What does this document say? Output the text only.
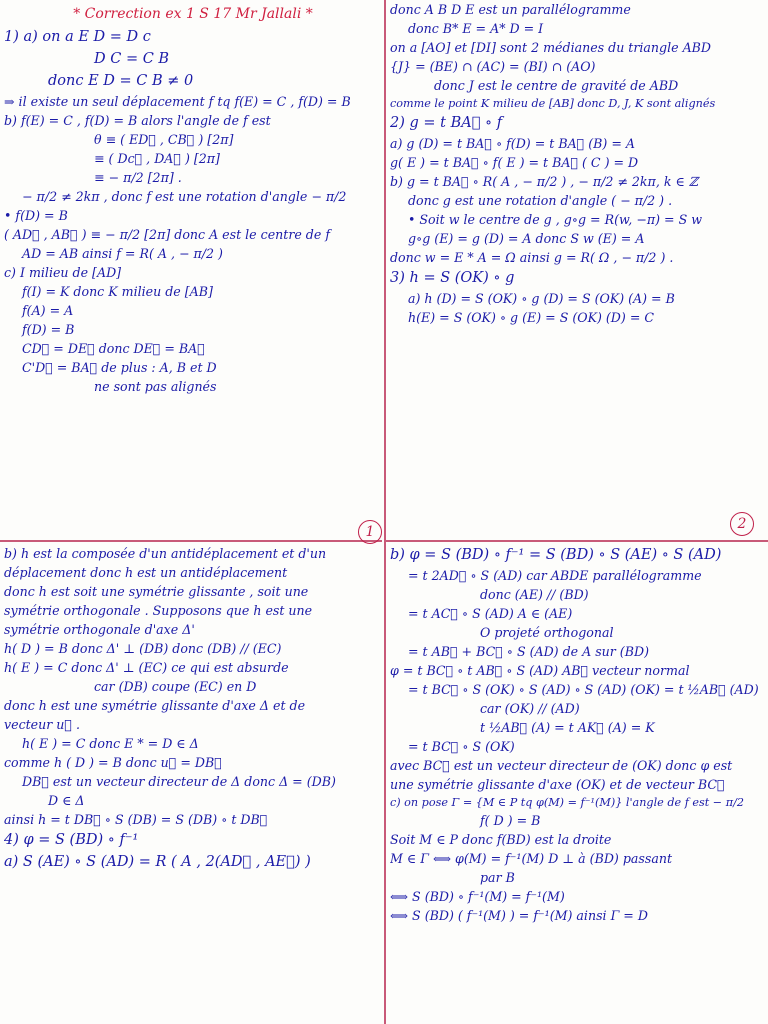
* Correction ex 1 S 17 Mr Jallali *
1) a) on a E D = D c
D C = C B
donc E D = C B ≠ 0
⇒ il existe un seul déplacement f tq f(E) = C , f(D) = B
b) f(E) = C , f(D) = B alors l'angle de f est
θ ≡ ( ED⃗ , CB⃗ ) [2π]
≡ ( Dc⃗ , DA⃗ ) [2π]
≡ − π/2 [2π] .
− π/2 ≠ 2kπ , donc f est une rotation d'angle − π/2
• f(D) = B
( AD⃗ , AB⃗ ) ≡ − π/2 [2π] donc A est le centre de f
AD = AB ainsi f = R( A , − π/2 )
c) I milieu de [AD]
f(I) = K donc K milieu de [AB]
f(A) = A
f(D) = B
CD⃗ = DE⃗ donc DE⃗ = BA⃗
C'D⃗ = BA⃗ de plus : A, B et D
ne sont pas alignés
donc A B D E est un parallélogramme
donc B* E = A* D = I
on a [AO] et [DI] sont 2 médianes du triangle ABD
{J} = (BE) ∩ (AC) = (BI) ∩ (AO)
donc J est le centre de gravité de ABD
comme le point K milieu de [AB] donc D, J, K sont alignés
2) g = t BA⃗ ∘ f
a) g (D) = t BA⃗ ∘ f(D) = t BA⃗ (B) = A
g( E ) = t BA⃗ ∘ f( E ) = t BA⃗ ( C ) = D
b) g = t BA⃗ ∘ R( A , − π/2 ) , − π/2 ≠ 2kπ, k ∈ ℤ
donc g est une rotation d'angle ( − π/2 ) .
• Soit w le centre de g , g∘g = R(w, −π) = S w
g∘g (E) = g (D) = A donc S w (E) = A
donc w = E * A = Ω ainsi g = R( Ω , − π/2 ) .
3) h = S (OK) ∘ g
a) h (D) = S (OK) ∘ g (D) = S (OK) (A) = B
h(E) = S (OK) ∘ g (E) = S (OK) (D) = C
b) h est la composée d'un antidéplacement et d'un
déplacement donc h est un antidéplacement
donc h est soit une symétrie glissante , soit une
symétrie orthogonale . Supposons que h est une
symétrie orthogonale d'axe Δ'
h( D ) = B donc Δ' ⊥ (DB) donc (DB) // (EC)
h( E ) = C donc Δ' ⊥ (EC) ce qui est absurde
car (DB) coupe (EC) en D
donc h est une symétrie glissante d'axe Δ et de
vecteur u⃗ .
h( E ) = C donc E * = D ∈ Δ
comme h ( D ) = B donc u⃗ = DB⃗
DB⃗ est un vecteur directeur de Δ donc Δ = (DB)
D ∈ Δ
ainsi h = t DB⃗ ∘ S (DB) = S (DB) ∘ t DB⃗
4) φ = S (BD) ∘ f⁻¹
a) S (AE) ∘ S (AD) = R ( A , 2(AD⃗ , AE⃗) )
b) φ = S (BD) ∘ f⁻¹ = S (BD) ∘ S (AE) ∘ S (AD)
= t 2AD⃗ ∘ S (AD) car ABDE parallélogramme
donc (AE) // (BD)
= t AC⃗ ∘ S (AD) A ∈ (AE)
O projeté orthogonal
= t AB⃗ + BC⃗ ∘ S (AD) de A sur (BD)
φ = t BC⃗ ∘ t AB⃗ ∘ S (AD) AB⃗ vecteur normal
= t BC⃗ ∘ S (OK) ∘ S (AD) ∘ S (AD) (OK) = t ½AB⃗ (AD)
car (OK) // (AD)
t ½AB⃗ (A) = t AK⃗ (A) = K
= t BC⃗ ∘ S (OK)
avec BC⃗ est un vecteur directeur de (OK) donc φ est
une symétrie glissante d'axe (OK) et de vecteur BC⃗
c) on pose Γ = {M ∈ P tq φ(M) = f⁻¹(M)} l'angle de f est − π/2
f( D ) = B
Soit M ∈ P donc f(BD) est la droite
M ∈ Γ ⟺ φ(M) = f⁻¹(M) D ⊥ à (BD) passant
par B
⟺ S (BD) ∘ f⁻¹(M) = f⁻¹(M)
⟺ S (BD) ( f⁻¹(M) ) = f⁻¹(M) ainsi Γ = D
1	2
